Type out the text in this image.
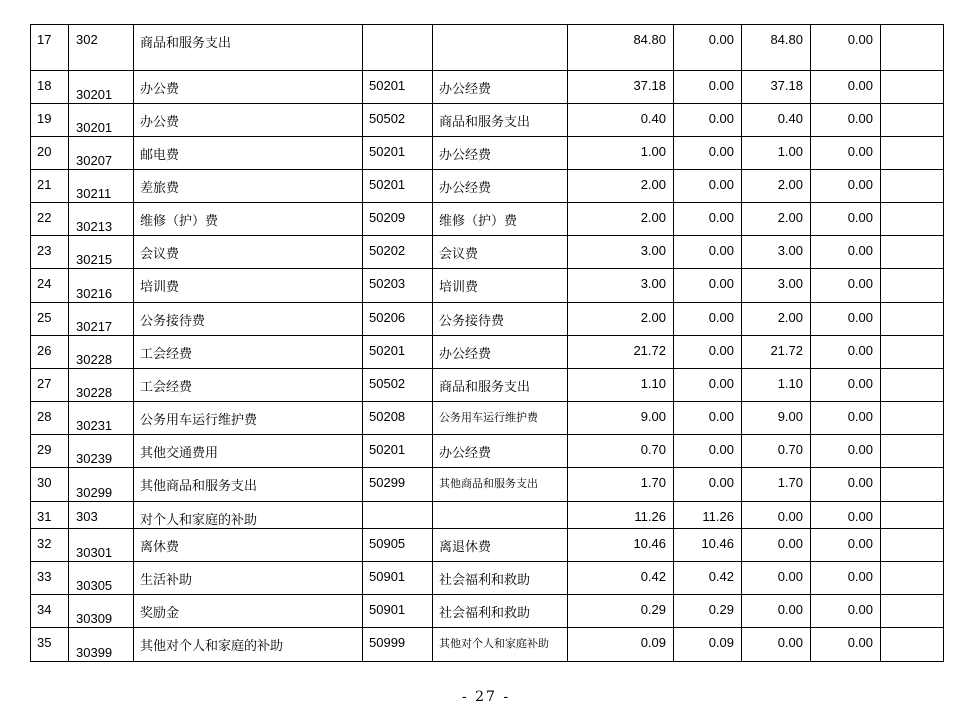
17	302	商品和服务支出			84.80	0.00	84.80	0.00	
18	30201	办公费	50201	办公经费	37.18	0.00	37.18	0.00	
19	30201	办公费	50502	商品和服务支出	0.40	0.00	0.40	0.00	
20	30207	邮电费	50201	办公经费	1.00	0.00	1.00	0.00	
21	30211	差旅费	50201	办公经费	2.00	0.00	2.00	0.00	
22	30213	维修（护）费	50209	维修（护）费	2.00	0.00	2.00	0.00	
23	30215	会议费	50202	会议费	3.00	0.00	3.00	0.00	
24	30216	培训费	50203	培训费	3.00	0.00	3.00	0.00	
25	30217	公务接待费	50206	公务接待费	2.00	0.00	2.00	0.00	
26	30228	工会经费	50201	办公经费	21.72	0.00	21.72	0.00	
27	30228	工会经费	50502	商品和服务支出	1.10	0.00	1.10	0.00	
28	30231	公务用车运行维护费	50208	公务用车运行维护费	9.00	0.00	9.00	0.00	
29	30239	其他交通费用	50201	办公经费	0.70	0.00	0.70	0.00	
30	30299	其他商品和服务支出	50299	其他商品和服务支出	1.70	0.00	1.70	0.00	
31	303	对个人和家庭的补助			11.26	11.26	0.00	0.00	
32	30301	离休费	50905	离退休费	10.46	10.46	0.00	0.00	
33	30305	生活补助	50901	社会福利和救助	0.42	0.42	0.00	0.00	
34	30309	奖励金	50901	社会福利和救助	0.29	0.29	0.00	0.00	
35	30399	其他对个人和家庭的补助	50999	其他对个人和家庭补助	0.09	0.09	0.00	0.00	
- 27 -
